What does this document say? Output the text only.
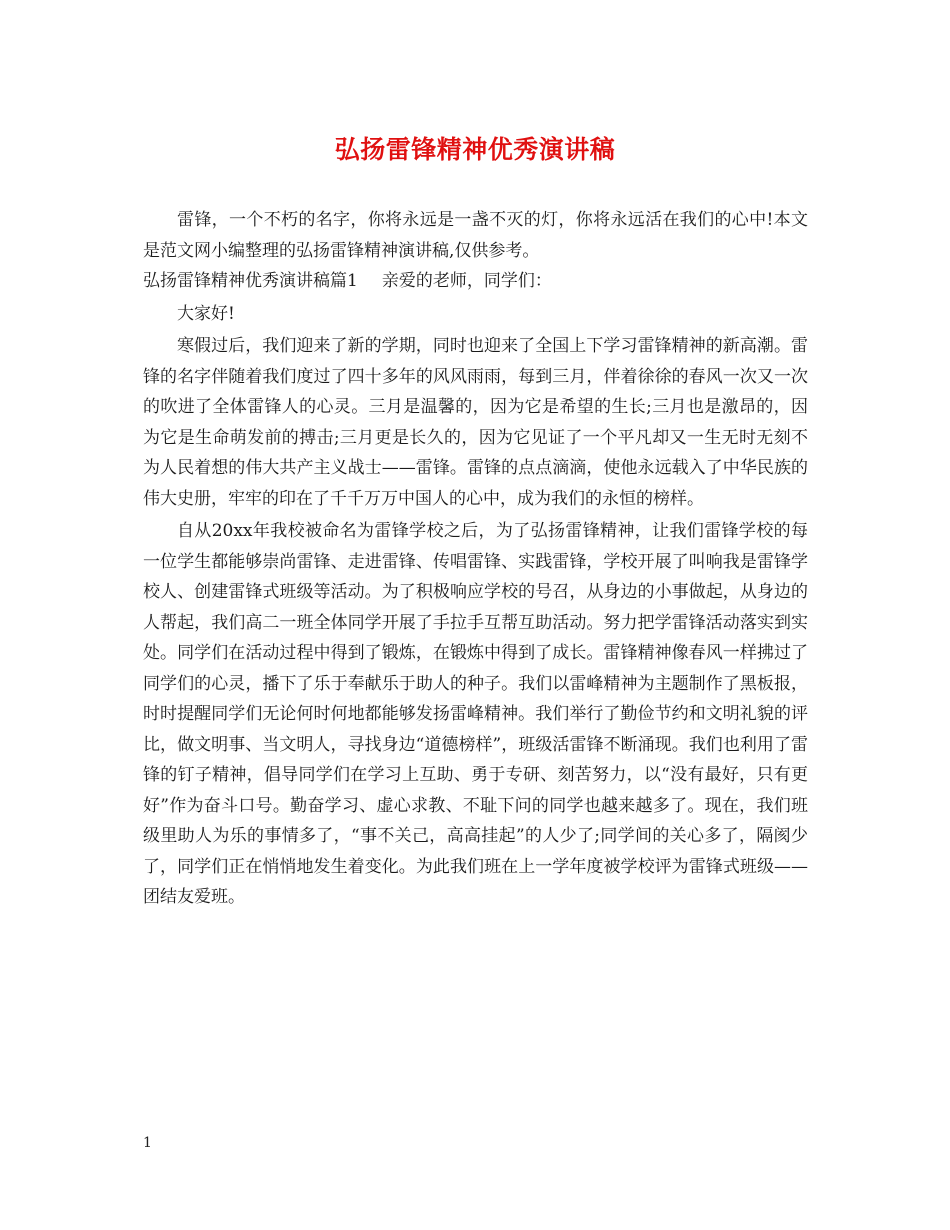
弘扬雷锋精神优秀演讲稿

雷锋，一个不朽的名字，你将永远是一盏不灭的灯，你将永远活在我们的心中!本文是范文网小编整理的弘扬雷锋精神演讲稿,仅供参考。

弘扬雷锋精神优秀演讲稿篇1 亲爱的老师，同学们：

大家好!

寒假过后，我们迎来了新的学期，同时也迎来了全国上下学习雷锋精神的新高潮。雷锋的名字伴随着我们度过了四十多年的风风雨雨，每到三月，伴着徐徐的春风一次又一次的吹进了全体雷锋人的心灵。三月是温馨的，因为它是希望的生长;三月也是激昂的，因为它是生命萌发前的搏击;三月更是长久的，因为它见证了一个平凡却又一生无时无刻不为人民着想的伟大共产主义战士——雷锋。雷锋的点点滴滴，使他永远载入了中华民族的伟大史册，牢牢的印在了千千万万中国人的心中，成为我们的永恒的榜样。

自从20xx年我校被命名为雷锋学校之后，为了弘扬雷锋精神，让我们雷锋学校的每一位学生都能够崇尚雷锋、走进雷锋、传唱雷锋、实践雷锋，学校开展了叫响我是雷锋学校人、创建雷锋式班级等活动。为了积极响应学校的号召，从身边的小事做起，从身边的人帮起，我们高二一班全体同学开展了手拉手互帮互助活动。努力把学雷锋活动落实到实处。同学们在活动过程中得到了锻炼，在锻炼中得到了成长。雷锋精神像春风一样拂过了同学们的心灵，播下了乐于奉献乐于助人的种子。我们以雷峰精神为主题制作了黑板报，时时提醒同学们无论何时何地都能够发扬雷峰精神。我们举行了勤俭节约和文明礼貌的评比，做文明事、当文明人，寻找身边“道德榜样”，班级活雷锋不断涌现。我们也利用了雷锋的钉子精神，倡导同学们在学习上互助、勇于专研、刻苦努力，以“没有最好，只有更好”作为奋斗口号。勤奋学习、虚心求教、不耻下问的同学也越来越多了。现在，我们班级里助人为乐的事情多了，“事不关己，高高挂起”的人少了;同学间的关心多了，隔阂少了，同学们正在悄悄地发生着变化。为此我们班在上一学年度被学校评为雷锋式班级——团结友爱班。

1
